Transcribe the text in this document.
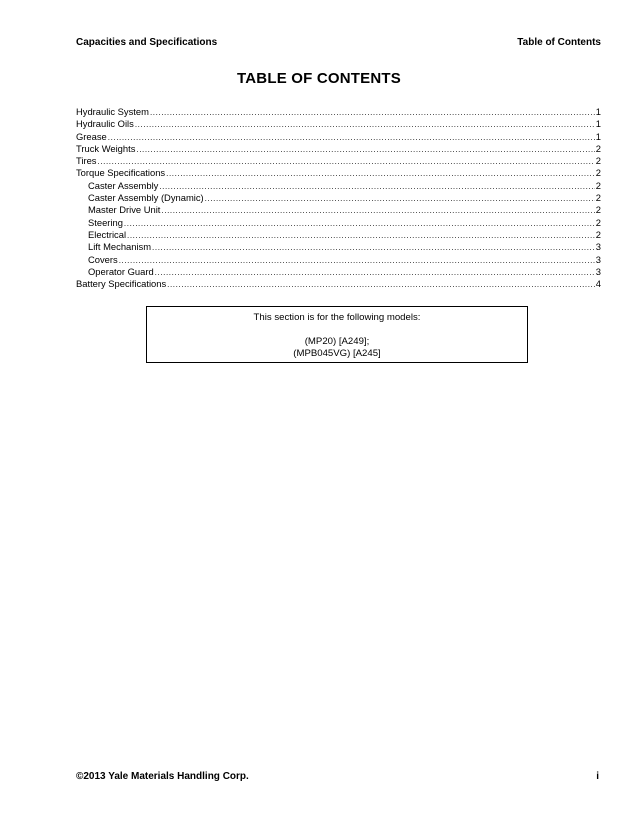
Capacities and Specifications	Table of Contents
TABLE OF CONTENTS
Hydraulic System .....	1
Hydraulic Oils .....	1
Grease .....	1
Truck Weights .....	2
Tires .....	2
Torque Specifications .....	2
Caster Assembly .....	2
Caster Assembly (Dynamic) .....	2
Master Drive Unit .....	2
Steering .....	2
Electrical .....	2
Lift Mechanism .....	3
Covers .....	3
Operator Guard .....	3
Battery Specifications .....	4
This section is for the following models:
(MP20) [A249];
(MPB045VG) [A245]
©2013 Yale Materials Handling Corp.	i
